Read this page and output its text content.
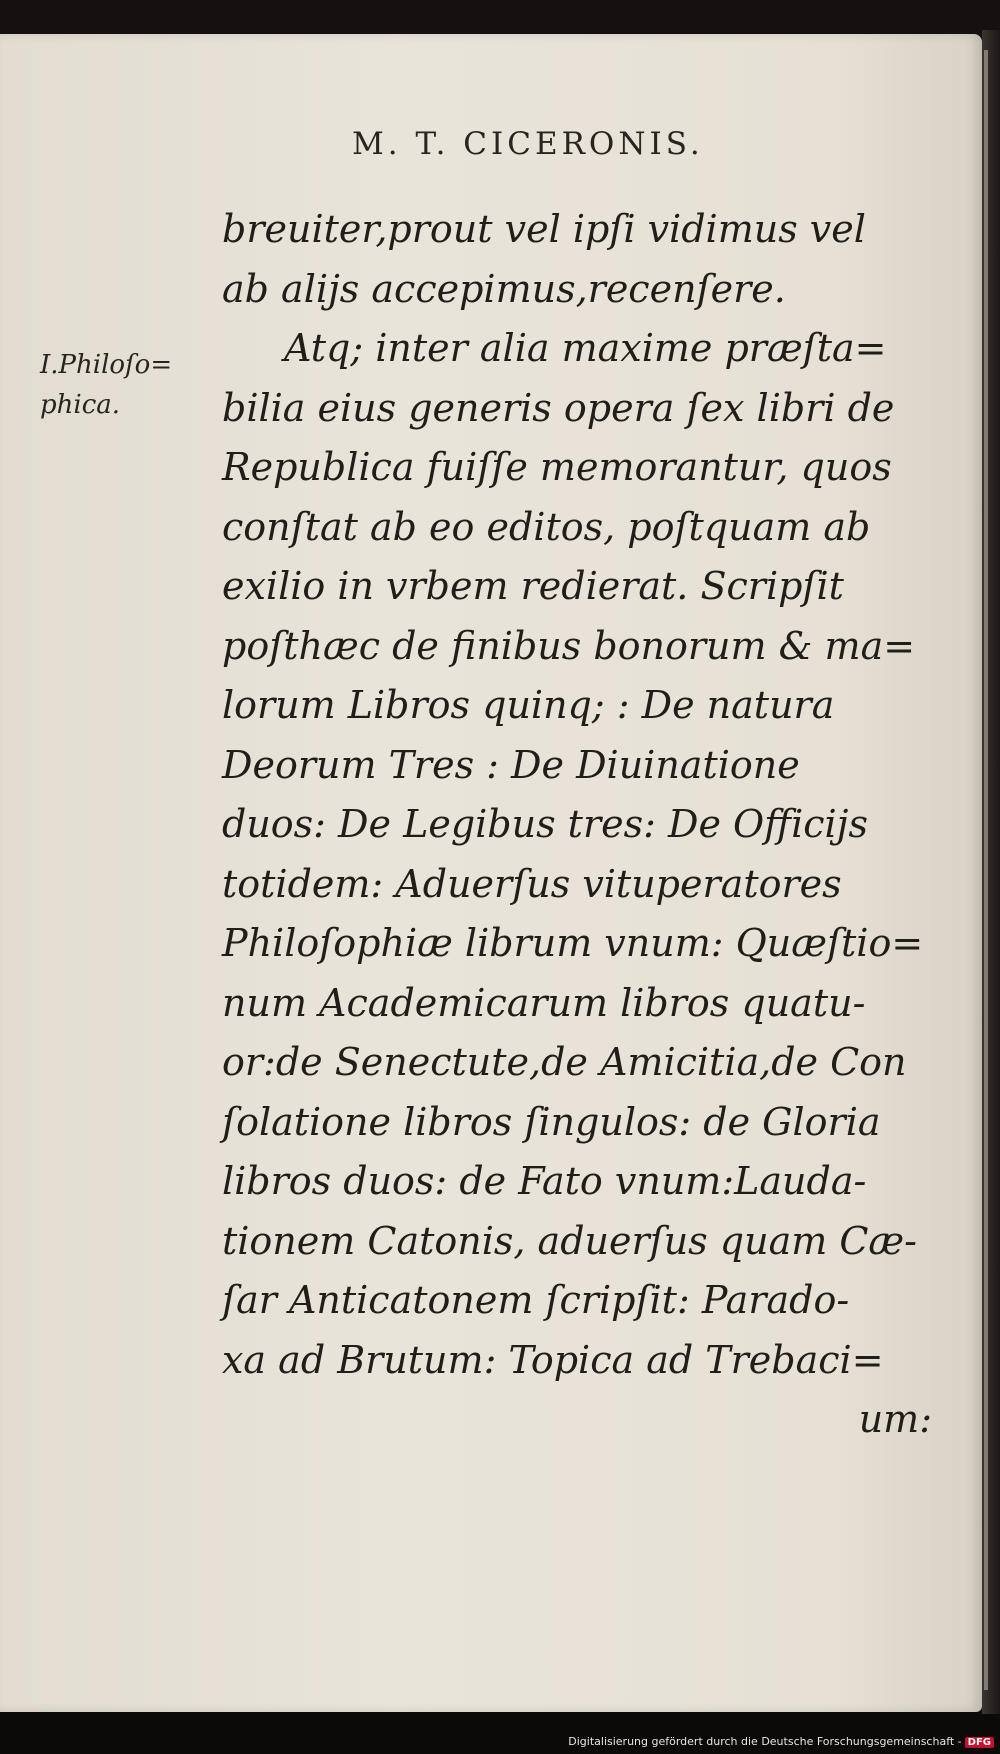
M. T. CICERONIS.
I.Philoſo=
phica.
breuiter,prout vel ipſi vidimus vel
ab alijs accepimus,recenſere.
Atq; inter alia maxime præſta=
bilia eius generis opera ſex libri de
Republica fuiſſe memorantur, quos
conſtat ab eo editos, poſtquam ab
exilio in vrbem redierat. Scripſit
poſthæc de finibus bonorum & ma=
lorum Libros quinq; : De natura
Deorum Tres : De Diuinatione
duos: De Legibus tres: De Officijs
totidem: Aduerſus vituperatores
Philoſophiæ librum vnum: Quæſtio=
num Academicarum libros quatu-
or:de Senectute,de Amicitia,de Con
ſolatione libros ſingulos: de Gloria
libros duos: de Fato vnum:Lauda-
tionem Catonis, aduerſus quam Cæ-
ſar Anticatonem ſcripſit: Parado-
xa ad Brutum: Topica ad Trebaci=
um:
Digitalisierung gefördert durch die Deutsche Forschungsgemeinschaft - DFG
